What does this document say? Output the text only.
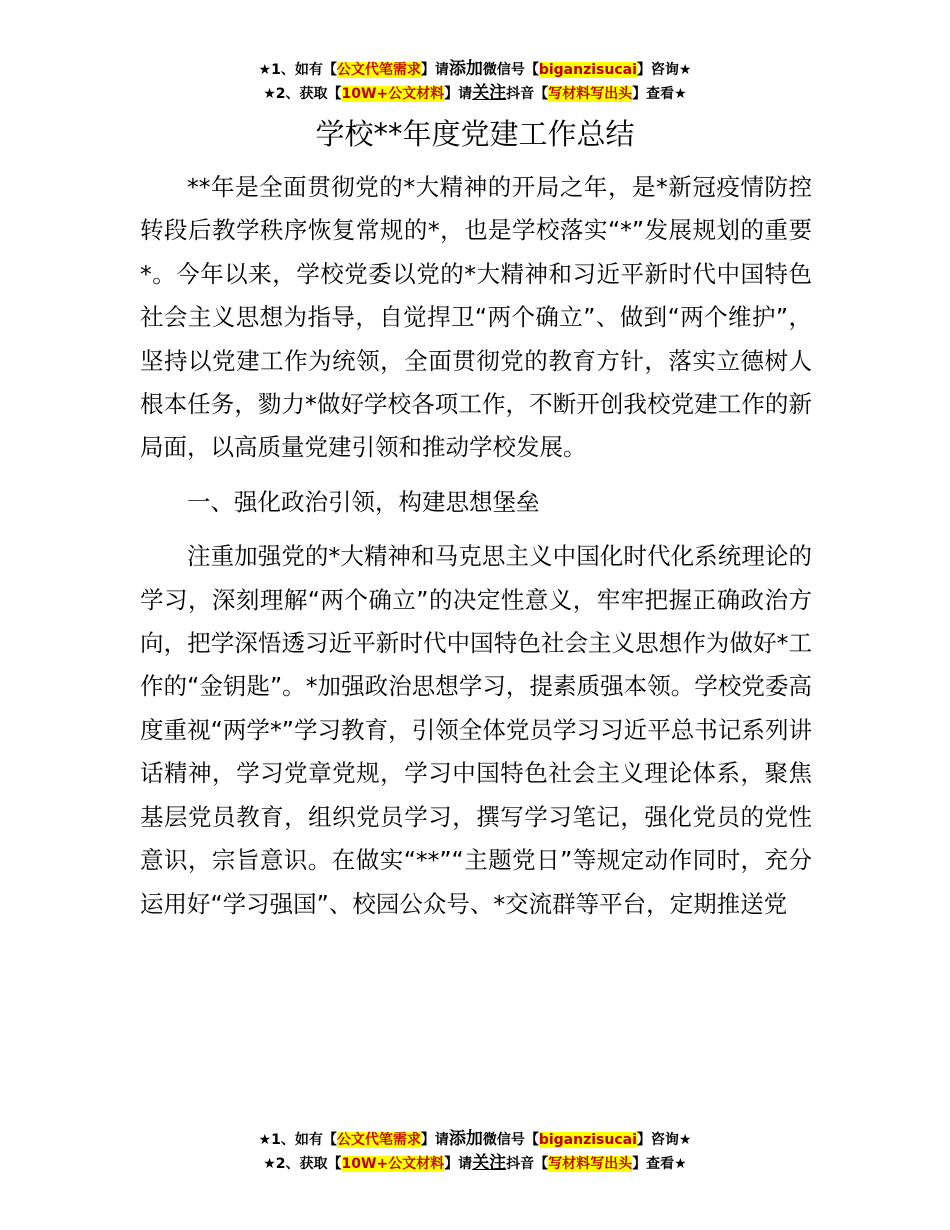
★1、如有【公文代笔需求】请添加微信号【biganzisucai】咨询★
★2、获取【10W+公文材料】请关注抖音【写材料写出头】查看★
学校**年度党建工作总结

**年是全面贯彻党的*大精神的开局之年，是*新冠疫情防控转段后教学秩序恢复常规的*，也是学校落实“*”发展规划的重要*。今年以来，学校党委以党的*大精神和习近平新时代中国特色社会主义思想为指导，自觉捍卫“两个确立”、做到“两个维护”，坚持以党建工作为统领，全面贯彻党的教育方针，落实立德树人根本任务，勠力*做好学校各项工作，不断开创我校党建工作的新局面，以高质量党建引领和推动学校发展。

一、强化政治引领，构建思想堡垒

注重加强党的*大精神和马克思主义中国化时代化系统理论的学习，深刻理解“两个确立”的决定性意义，牢牢把握正确政治方向，把学深悟透习近平新时代中国特色社会主义思想作为做好*工作的“金钥匙”。*加强政治思想学习，提素质强本领。学校党委高度重视“两学*”学习教育，引领全体党员学习习近平总书记系列讲话精神，学习党章党规，学习中国特色社会主义理论体系，聚焦基层党员教育，组织党员学习，撰写学习笔记，强化党员的党性意识，宗旨意识。在做实“**”“主题党日”等规定动作同时，充分运用好“学习强国”、校园公众号、*交流群等平台，定期推送党

★1、如有【公文代笔需求】请添加微信号【biganzisucai】咨询★
★2、获取【10W+公文材料】请关注抖音【写材料写出头】查看★
